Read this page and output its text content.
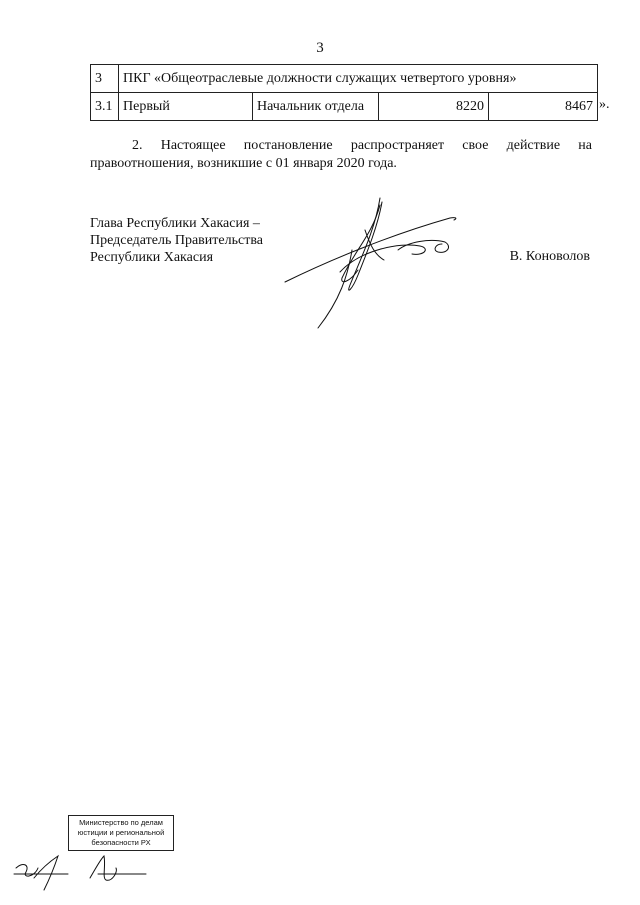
3
3	ПКГ «Общеотраслевые должности служащих четвертого уровня»			
3.1	Первый	Начальник отдела	8220	8467 ».

2. Настоящее постановление распространяет свое действие на правоотношения, возникшие с 01 января 2020 года.

Глава Республики Хакасия –
Председатель Правительства
Республики Хакасия	В. Коноволов
Министерство по делам
юстиции и региональной
безопасности РХ
